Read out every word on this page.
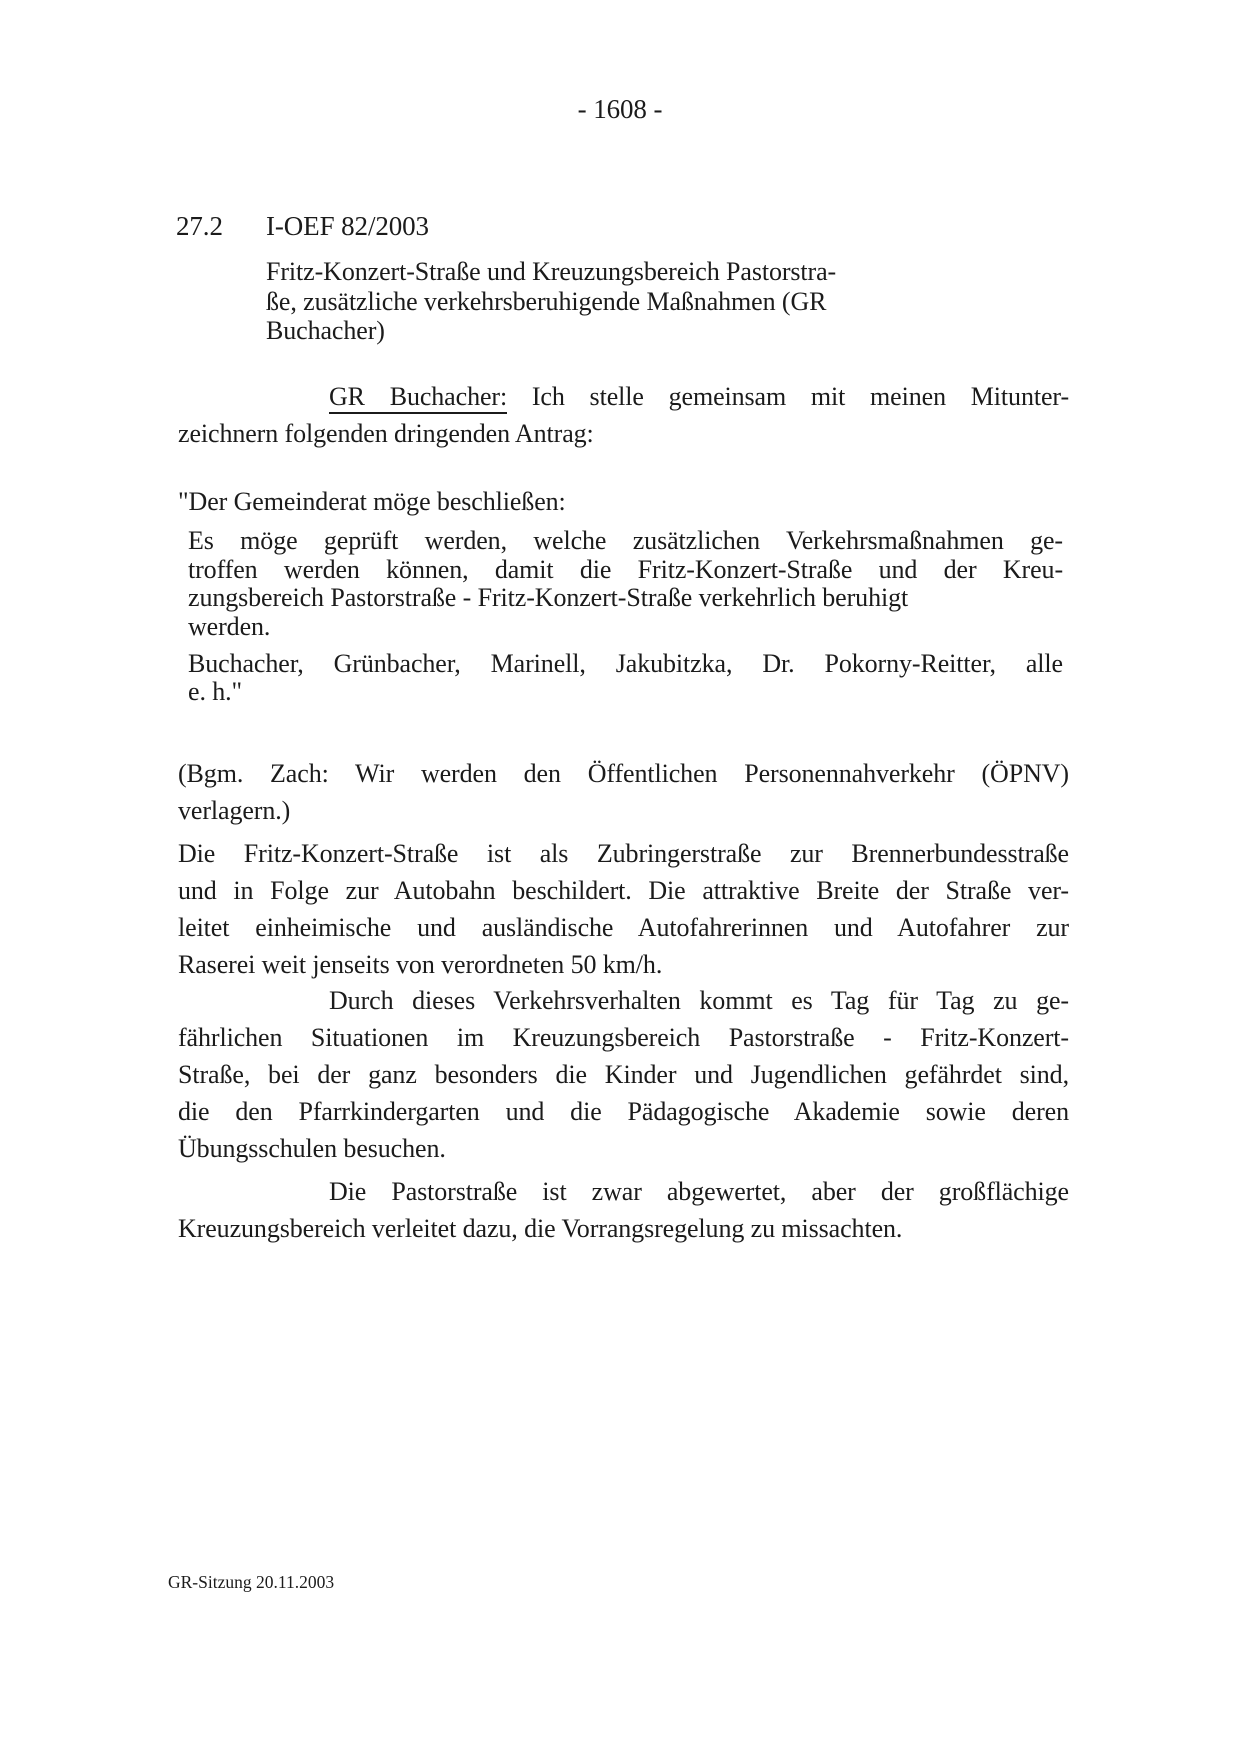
- 1608 -
27.2	I-OEF 82/2003
Fritz-Konzert-Straße und Kreuzungsbereich Pastorstra-
ße, zusätzliche verkehrsberuhigende Maßnahmen (GR
Buchacher)
GR Buchacher: Ich stelle gemeinsam mit meinen Mitunter-
zeichnern folgenden dringenden Antrag:
"Der Gemeinderat möge beschließen:
Es möge geprüft werden, welche zusätzlichen Verkehrsmaßnahmen ge-
troffen werden können, damit die Fritz-Konzert-Straße und der Kreu-
zungsbereich Pastorstraße - Fritz-Konzert-Straße verkehrlich beruhigt
werden.
Buchacher, Grünbacher, Marinell, Jakubitzka, Dr. Pokorny-Reitter, alle
e. h."
(Bgm. Zach: Wir werden den Öffentlichen Personennahverkehr (ÖPNV)
verlagern.)
Die Fritz-Konzert-Straße ist als Zubringerstraße zur Brennerbundesstraße
und in Folge zur Autobahn beschildert. Die attraktive Breite der Straße ver-
leitet einheimische und ausländische Autofahrerinnen und Autofahrer zur
Raserei weit jenseits von verordneten 50 km/h.
Durch dieses Verkehrsverhalten kommt es Tag für Tag zu ge-
fährlichen Situationen im Kreuzungsbereich Pastorstraße - Fritz-Konzert-
Straße, bei der ganz besonders die Kinder und Jugendlichen gefährdet sind,
die den Pfarrkindergarten und die Pädagogische Akademie sowie deren
Übungsschulen besuchen.
Die Pastorstraße ist zwar abgewertet, aber der großflächige
Kreuzungsbereich verleitet dazu, die Vorrangsregelung zu missachten.
GR-Sitzung 20.11.2003
